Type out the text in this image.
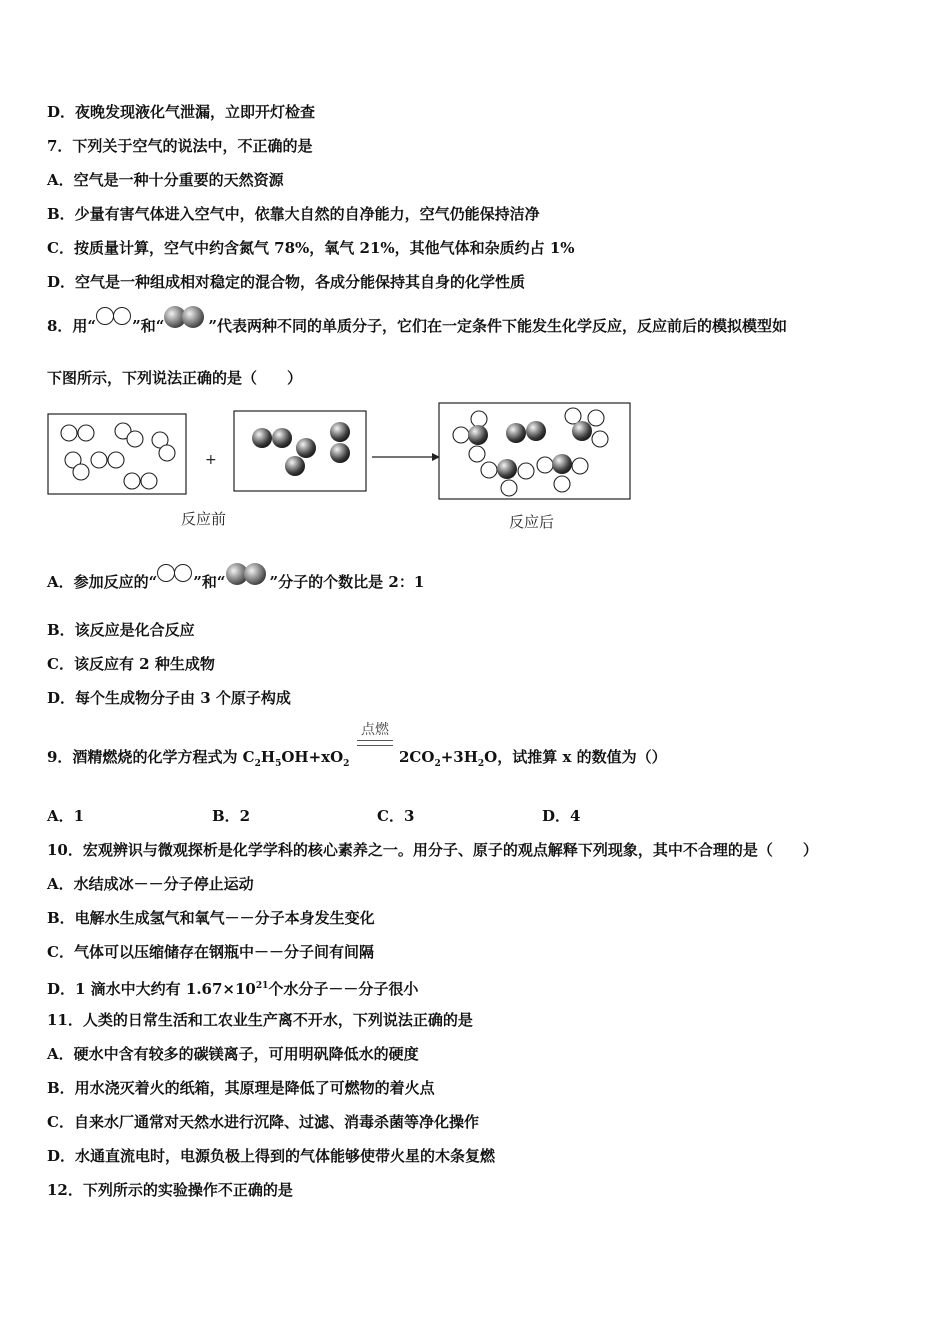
D．夜晚发现液化气泄漏，立即开灯检查
7．下列关于空气的说法中，不正确的是
A．空气是一种十分重要的天然资源
B．少量有害气体进入空气中，依靠大自然的自净能力，空气仍能保持洁净
C．按质量计算，空气中约含氮气 78%，氧气 21%，其他气体和杂质约占 1%
D．空气是一种组成相对稳定的混合物，各成分能保持其自身的化学性质
8．用“ ”和“	”代表两种不同的单质分子，它们在一定条件下能发生化学反应，反应前后的模拟模型如
下图所示，下列说法正确的是（　　）
+
反应前	反应后
A．参加反应的“ ”和“	”分子的个数比是 2：1
B．该反应是化合反应
C．该反应有 2 种生成物
D．每个生成物分子由 3 个原子构成
9．酒精燃烧的化学方程式为 $C_2H_5OH+xO_2$
点燃
$2CO_2+3H_2O$，试推算 x 的数值为（）
A．1	B．2	C．3	D．4
10．宏观辨识与微观探析是化学学科的核心素养之一。用分子、原子的观点解释下列现象，其中不合理的是（　　）
A．水结成冰－－分子停止运动
B．电解水生成氢气和氧气－－分子本身发生变化
C．气体可以压缩储存在钢瓶中－－分子间有间隔
D．1 滴水中大约有 $1.67\times 10^{21}$个水分子－－分子很小
11．人类的日常生活和工农业生产离不开水，下列说法正确的是
A．硬水中含有较多的碳镁离子，可用明矾降低水的硬度
B．用水浇灭着火的纸箱，其原理是降低了可燃物的着火点
C．自来水厂通常对天然水进行沉降、过滤、消毒杀菌等净化操作
D．水通直流电时，电源负极上得到的气体能够使带火星的木条复燃
12．下列所示的实验操作不正确的是
